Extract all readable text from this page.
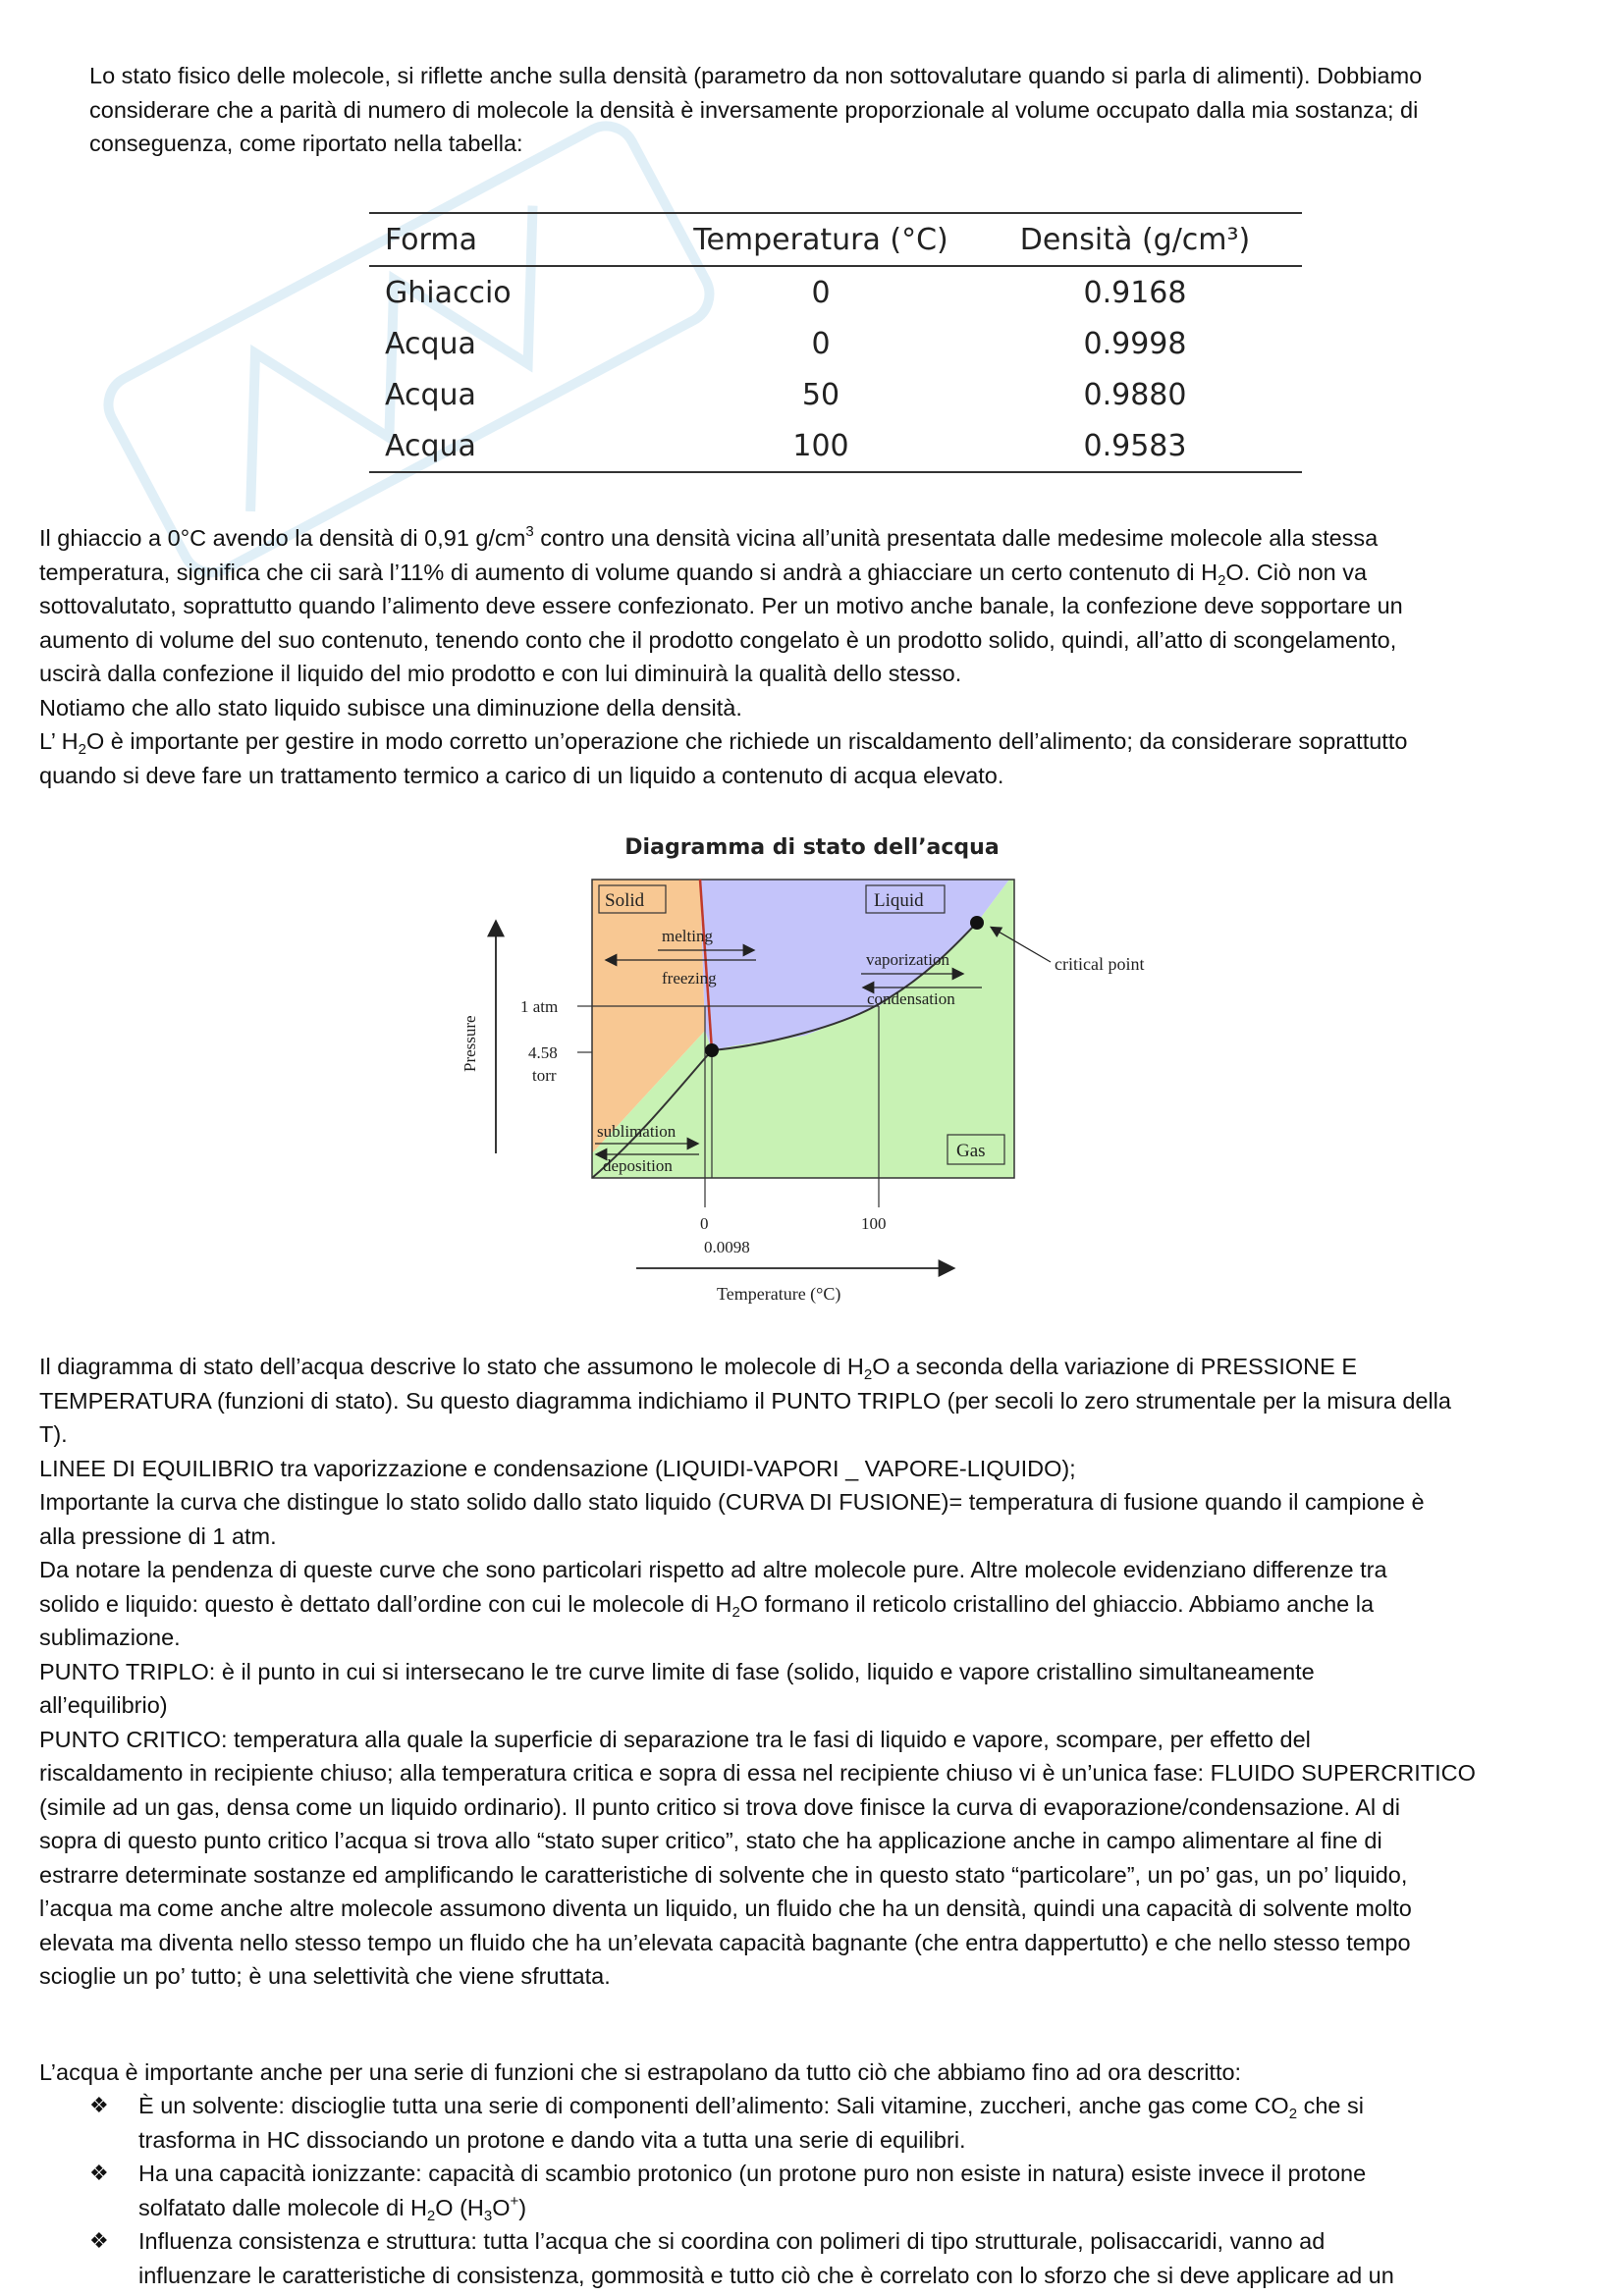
Lo stato fisico delle molecole, si riflette anche sulla densità (parametro da non sottovalutare quando si parla di alimenti). Dobbiamo
considerare che a parità di numero di molecole la densità è inversamente proporzionale al volume occupato dalla mia sostanza; di
conseguenza, come riportato nella tabella:

Forma	Temperatura (°C)	Densità (g/cm³)
Ghiaccio	0	0.9168
Acqua	0	0.9998
Acqua	50	0.9880
Acqua	100	0.9583

Il ghiaccio a 0°C avendo la densità di 0,91 $g/cm^3$ contro una densità vicina all’unità presentata dalle medesime molecole alla stessa
temperatura, significa che cii sarà l’11% di aumento di volume quando si andrà a ghiacciare un certo contenuto di $H_2O$. Ciò non va
sottovalutato, soprattutto quando l’alimento deve essere confezionato. Per un motivo anche banale, la confezione deve sopportare un
aumento di volume del suo contenuto, tenendo conto che il prodotto congelato è un prodotto solido, quindi, all’atto di scongelamento,
uscirà dalla confezione il liquido del mio prodotto e con lui diminuirà la qualità dello stesso.
Notiamo che allo stato liquido subisce una diminuzione della densità.
L’ $H_2O$ è importante per gestire in modo corretto un’operazione che richiede un riscaldamento dell’alimento; da considerare soprattutto
quando si deve fare un trattamento termico a carico di un liquido a contenuto di acqua elevato.

Diagramma di stato dell’acqua
Solid	Liquid
Gas
melting
freezing
vaporization
condensation
sublimation
deposition
critical point
Pressure
1 atm
4.58
torr
0	100
0.0098
Temperature (°C)

Il diagramma di stato dell’acqua descrive lo stato che assumono le molecole di $H_2O$ a seconda della variazione di PRESSIONE E
TEMPERATURA (funzioni di stato). Su questo diagramma indichiamo il PUNTO TRIPLO (per secoli lo zero strumentale per la misura della
T).
LINEE DI EQUILIBRIO tra vaporizzazione e condensazione (LIQUIDI-VAPORI _ VAPORE-LIQUIDO);
Importante la curva che distingue lo stato solido dallo stato liquido (CURVA DI FUSIONE)= temperatura di fusione quando il campione è
alla pressione di 1 atm.
Da notare la pendenza di queste curve che sono particolari rispetto ad altre molecole pure. Altre molecole evidenziano differenze tra
solido e liquido: questo è dettato dall’ordine con cui le molecole di $H_2O$ formano il reticolo cristallino del ghiaccio. Abbiamo anche la
sublimazione.
PUNTO TRIPLO: è il punto in cui si intersecano le tre curve limite di fase (solido, liquido e vapore cristallino simultaneamente
all’equilibrio)
PUNTO CRITICO: temperatura alla quale la superficie di separazione tra le fasi di liquido e vapore, scompare, per effetto del
riscaldamento in recipiente chiuso; alla temperatura critica e sopra di essa nel recipiente chiuso vi è un’unica fase: FLUIDO SUPERCRITICO
(simile ad un gas, densa come un liquido ordinario). Il punto critico si trova dove finisce la curva di evaporazione/condensazione. Al di
sopra di questo punto critico l’acqua si trova allo “stato super critico”, stato che ha applicazione anche in campo alimentare al fine di
estrarre determinate sostanze ed amplificando le caratteristiche di solvente che in questo stato “particolare”, un po’ gas, un po’ liquido,
l’acqua ma come anche altre molecole assumono diventa un liquido, un fluido che ha un densità, quindi una capacità di solvente molto
elevata ma diventa nello stesso tempo un fluido che ha un’elevata capacità bagnante (che entra dappertutto) e che nello stesso tempo
scioglie un po’ tutto; è una selettività che viene sfruttata.

L’acqua è importante anche per una serie di funzioni che si estrapolano da tutto ciò che abbiamo fino ad ora descritto:

❖ È un solvente: discioglie tutta una serie di componenti dell’alimento: Sali vitamine, zuccheri, anche gas come $CO_2$ che si
trasforma in HC dissociando un protone e dando vita a tutta una serie di equilibri.
❖ Ha una capacità ionizzante: capacità di scambio protonico (un protone puro non esiste in natura) esiste invece il protone
solfatato dalle molecole di $H_2O$ $(H_3O^+)$
❖ Influenza consistenza e struttura: tutta l’acqua che si coordina con polimeri di tipo strutturale, polisaccaridi, vanno ad
influenzare le caratteristiche di consistenza, gommosità e tutto ciò che è correlato con lo sforzo che si deve applicare ad un
